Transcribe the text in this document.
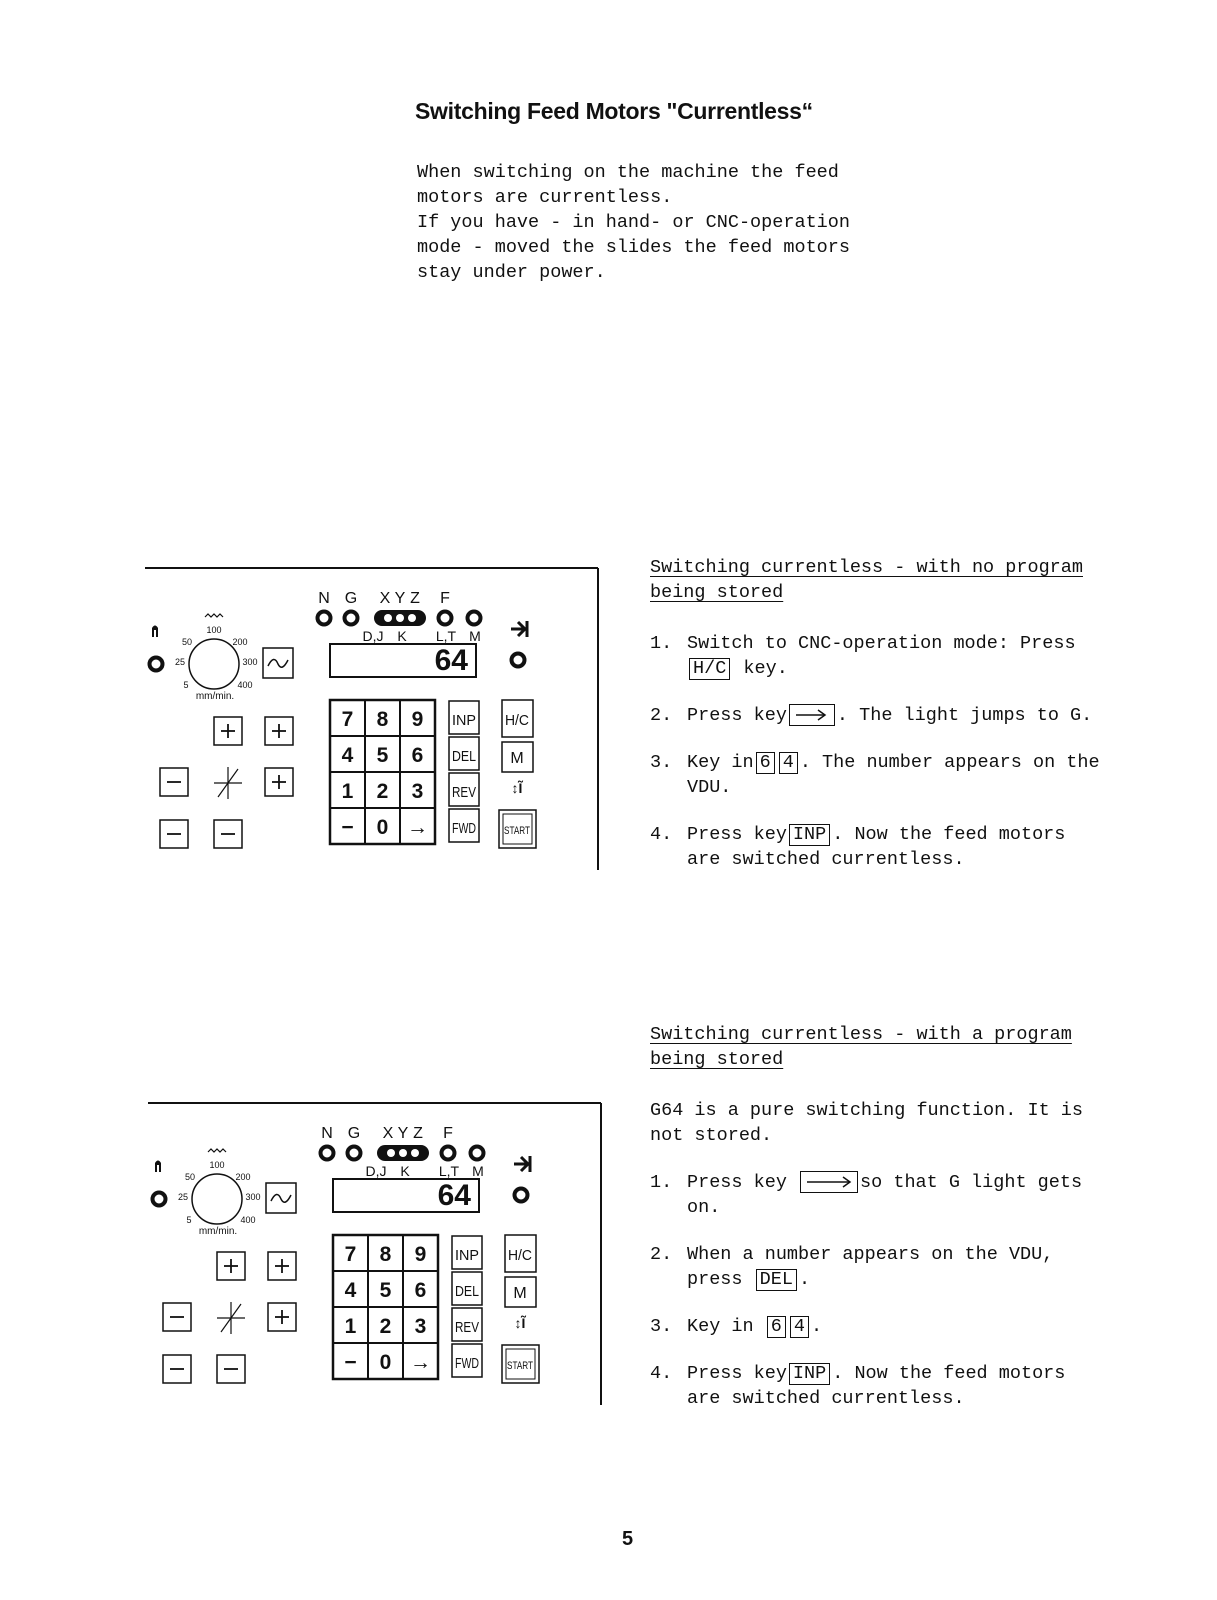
Switching Feed Motors "Currentless“
When switching on the machine the feed
motors are currentless.
If you have - in hand- or CNC-operation
mode - moved the slides the feed motors
stay under power.
N G X Y Z F
D,J K L,T M
64
7 8 9
4 5 6
1 2 3
− 0 →
INP
DEL
REV
FWD
H/C
M
↕Ĩ
START
100
50	200
25	300
5	400
mm/min.
N G X Y Z F
D,J K L,T M
64
7 8 9
4 5 6
1 2 3
− 0 →
INP
DEL
REV
FWD
H/C
M
↕Ĩ
START
100
50	200
25	300
5	400
mm/min.
Switching currentless - with no program
being stored
1. Switch to CNC-operation mode: Press
H/C key.
2. Press key	. The light jumps to G.
3. Key in 6 4 . The number appears on the
VDU.
4. Press key INP . Now the feed motors
are switched currentless.
Switching currentless - with a program
being stored
G64 is a pure switching function. It is
not stored.
1. Press key	so that G light gets
on.
2. When a number appears on the VDU,
press DEL .
3. Key in 6 4 .
4. Press key INP . Now the feed motors
are switched currentless.
5
